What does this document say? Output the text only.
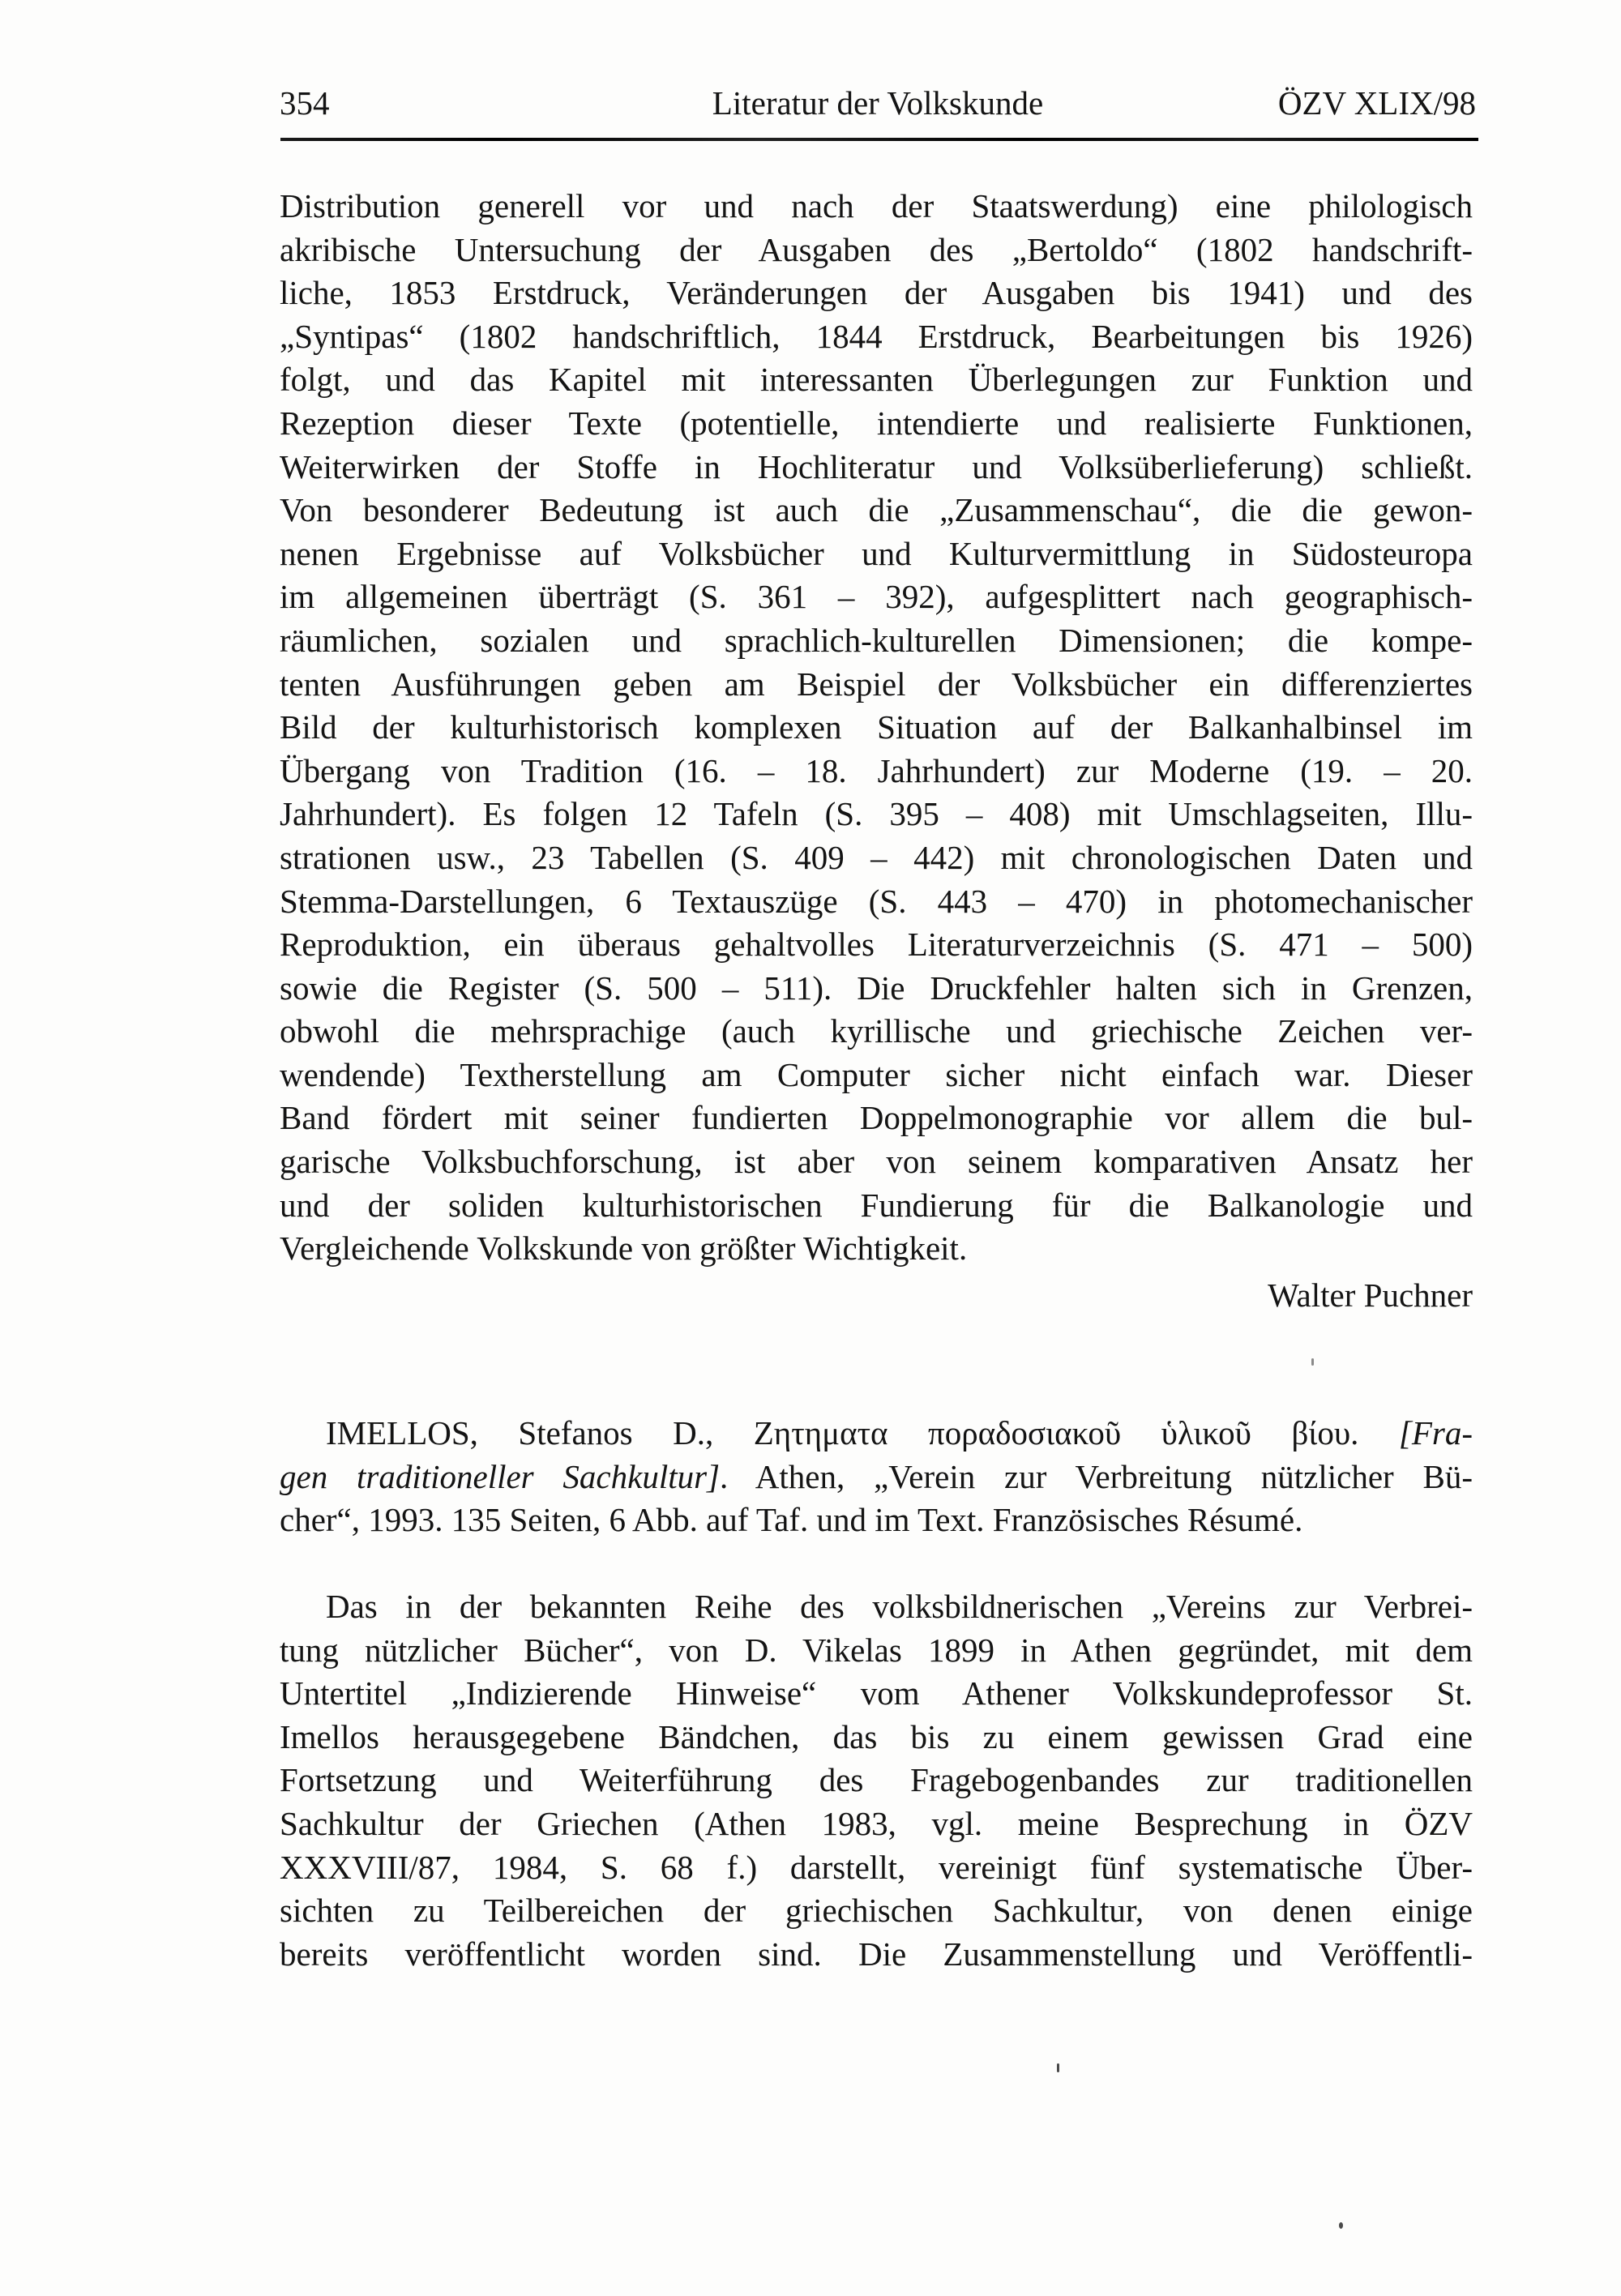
354	Literatur der Volkskunde	ÖZV XLIX/98
Distribution generell vor und nach der Staatswerdung) eine philologisch
akribische Untersuchung der Ausgaben des „Bertoldo“ (1802 handschrift-
liche, 1853 Erstdruck, Veränderungen der Ausgaben bis 1941) und des
„Syntipas“ (1802 handschriftlich, 1844 Erstdruck, Bearbeitungen bis 1926)
folgt, und das Kapitel mit interessanten Überlegungen zur Funktion und
Rezeption dieser Texte (potentielle, intendierte und realisierte Funktionen,
Weiterwirken der Stoffe in Hochliteratur und Volksüberlieferung) schließt.
Von besonderer Bedeutung ist auch die „Zusammenschau“, die die gewon-
nenen Ergebnisse auf Volksbücher und Kulturvermittlung in Südosteuropa
im allgemeinen überträgt (S. 361 – 392), aufgesplittert nach geographisch-
räumlichen, sozialen und sprachlich-kulturellen Dimensionen; die kompe-
tenten Ausführungen geben am Beispiel der Volksbücher ein differenziertes
Bild der kulturhistorisch komplexen Situation auf der Balkanhalbinsel im
Übergang von Tradition (16. – 18. Jahrhundert) zur Moderne (19. – 20.
Jahrhundert). Es folgen 12 Tafeln (S. 395 – 408) mit Umschlagseiten, Illu-
strationen usw., 23 Tabellen (S. 409 – 442) mit chronologischen Daten und
Stemma-Darstellungen, 6 Textauszüge (S. 443 – 470) in photomechanischer
Reproduktion, ein überaus gehaltvolles Literaturverzeichnis (S. 471 – 500)
sowie die Register (S. 500 – 511). Die Druckfehler halten sich in Grenzen,
obwohl die mehrsprachige (auch kyrillische und griechische Zeichen ver-
wendende) Textherstellung am Computer sicher nicht einfach war. Dieser
Band fördert mit seiner fundierten Doppelmonographie vor allem die bul-
garische Volksbuchforschung, ist aber von seinem komparativen Ansatz her
und der soliden kulturhistorischen Fundierung für die Balkanologie und
Vergleichende Volkskunde von größter Wichtigkeit.
Walter Puchner
IMELLOS, Stefanos D., Ζητηματα ποραδοσιακοῦ ὑλικοῦ βίου. [Fra-
gen traditioneller Sachkultur]. Athen, „Verein zur Verbreitung nützlicher Bü-
cher“, 1993. 135 Seiten, 6 Abb. auf Taf. und im Text. Französisches Résumé.
Das in der bekannten Reihe des volksbildnerischen „Vereins zur Verbrei-
tung nützlicher Bücher“, von D. Vikelas 1899 in Athen gegründet, mit dem
Untertitel „Indizierende Hinweise“ vom Athener Volkskundeprofessor St.
Imellos herausgegebene Bändchen, das bis zu einem gewissen Grad eine
Fortsetzung und Weiterführung des Fragebogenbandes zur traditionellen
Sachkultur der Griechen (Athen 1983, vgl. meine Besprechung in ÖZV
XXXVIII/87, 1984, S. 68 f.) darstellt, vereinigt fünf systematische Über-
sichten zu Teilbereichen der griechischen Sachkultur, von denen einige
bereits veröffentlicht worden sind. Die Zusammenstellung und Veröffentli-
